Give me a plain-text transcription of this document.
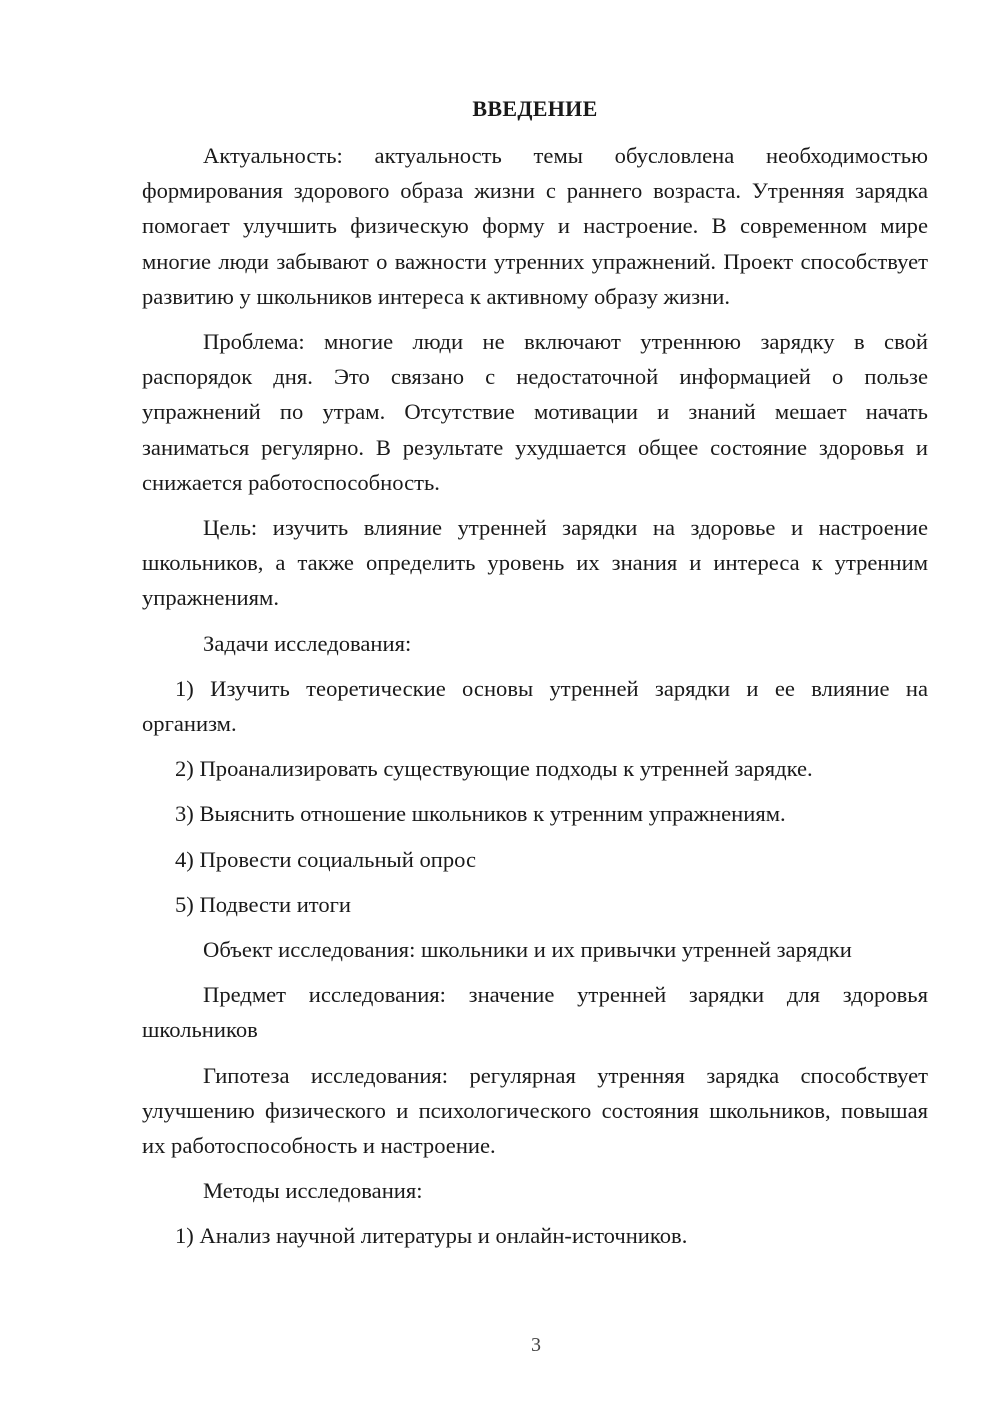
ВВЕДЕНИЕ

Актуальность: актуальность темы обусловлена необходимостью формирования здорового образа жизни с раннего возраста. Утренняя зарядка помогает улучшить физическую форму и настроение. В современном мире многие люди забывают о важности утренних упражнений. Проект способствует развитию у школьников интереса к активному образу жизни.

Проблема: многие люди не включают утреннюю зарядку в свой распорядок дня. Это связано с недостаточной информацией о пользе упражнений по утрам. Отсутствие мотивации и знаний мешает начать заниматься регулярно. В результате ухудшается общее состояние здоровья и снижается работоспособность.

Цель: изучить влияние утренней зарядки на здоровье и настроение школьников, а также определить уровень их знания и интереса к утренним упражнениям.

Задачи исследования:

1) Изучить теоретические основы утренней зарядки и ее влияние на организм.

2) Проанализировать существующие подходы к утренней зарядке.

3) Выяснить отношение школьников к утренним упражнениям.

4) Провести социальный опрос

5) Подвести итоги

Объект исследования: школьники и их привычки утренней зарядки

Предмет исследования: значение утренней зарядки для здоровья школьников

Гипотеза исследования: регулярная утренняя зарядка способствует улучшению физического и психологического состояния школьников, повышая их работоспособность и настроение.

Методы исследования:

1) Анализ научной литературы и онлайн-источников.

3
